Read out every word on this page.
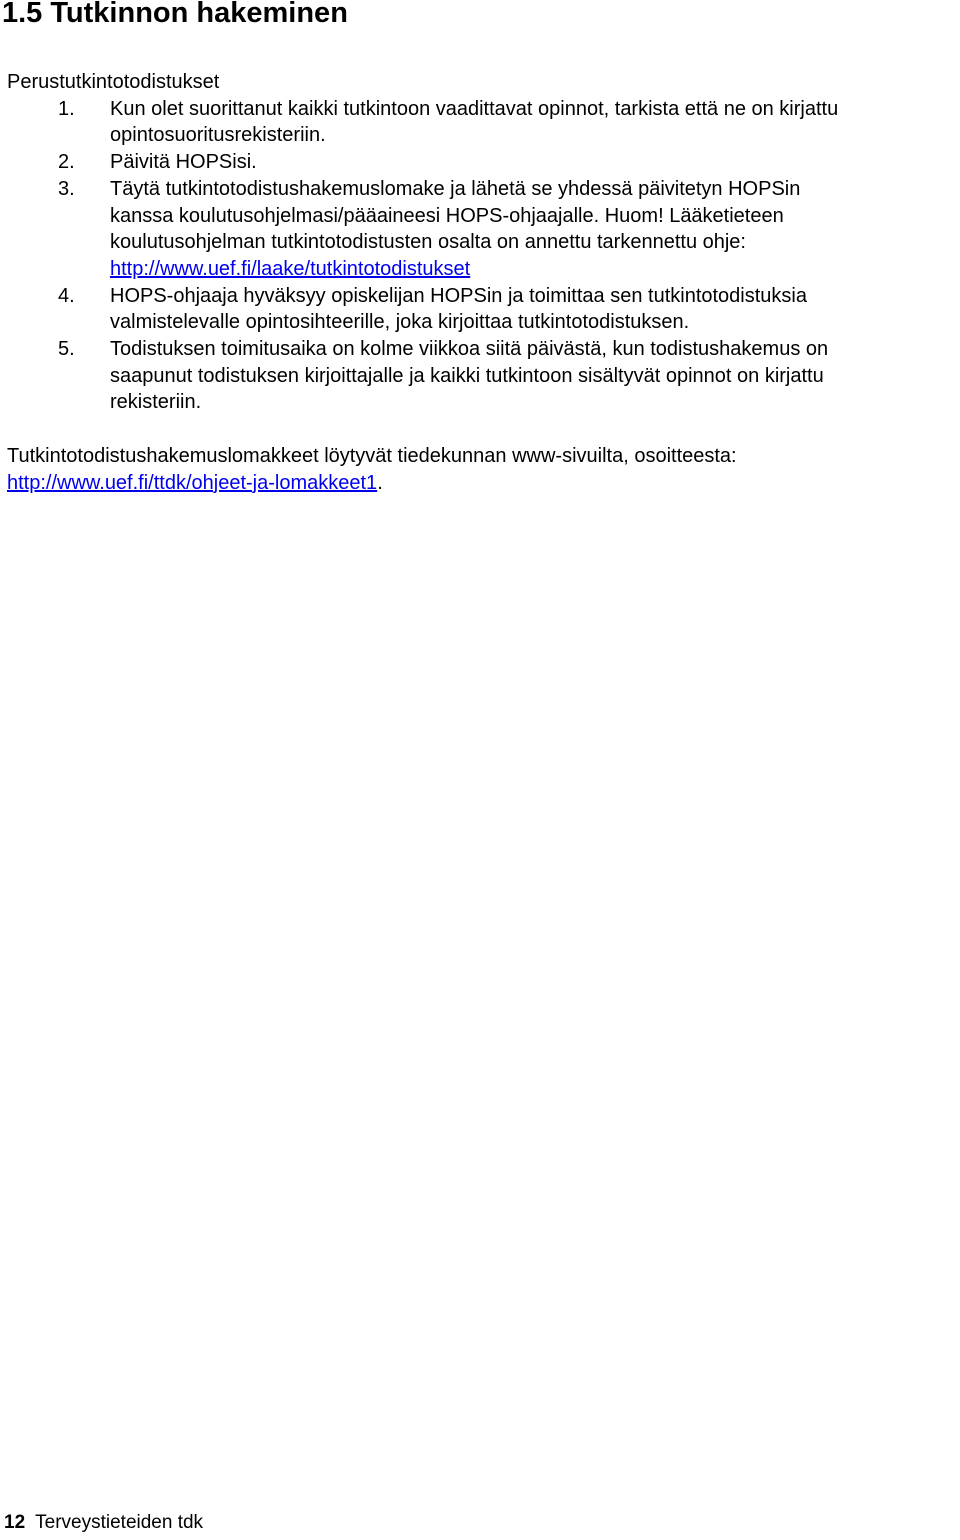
1.5 Tutkinnon hakeminen

Perustutkintotodistukset

1. Kun olet suorittanut kaikki tutkintoon vaadittavat opinnot, tarkista että ne on kirjattu
opintosuoritusrekisteriin.
2. Päivitä HOPSisi.
3. Täytä tutkintotodistushakemuslomake ja lähetä se yhdessä päivitetyn HOPSin
kanssa koulutusohjelmasi/pääaineesi HOPS-ohjaajalle. Huom! Lääketieteen
koulutusohjelman tutkintotodistusten osalta on annettu tarkennettu ohje:
http://www.uef.fi/laake/tutkintotodistukset
4. HOPS-ohjaaja hyväksyy opiskelijan HOPSin ja toimittaa sen tutkintotodistuksia
valmistelevalle opintosihteerille, joka kirjoittaa tutkintotodistuksen.
5. Todistuksen toimitusaika on kolme viikkoa siitä päivästä, kun todistushakemus on
saapunut todistuksen kirjoittajalle ja kaikki tutkintoon sisältyvät opinnot on kirjattu
rekisteriin.
Tutkintotodistushakemuslomakkeet löytyvät tiedekunnan www-sivuilta, osoitteesta:
http://www.uef.fi/ttdk/ohjeet-ja-lomakkeet1.
12 Terveystieteiden tdk
